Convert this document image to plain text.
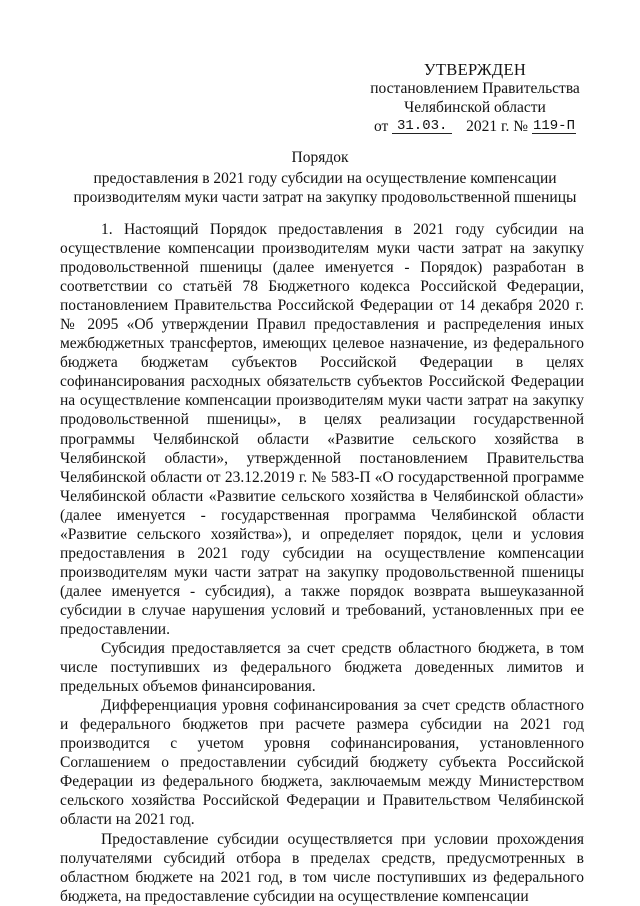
УТВЕРЖДЕН
постановлением Правительства
Челябинской области
от 31.03. 2021 г. № 119-П
Порядок
предоставления в 2021 году субсидии на осуществление компенсации производителям муки части затрат на закупку продовольственной пшеницы

1. Настоящий Порядок предоставления в 2021 году субсидии на осуществление компенсации производителям муки части затрат на закупку продовольственной пшеницы (далее именуется - Порядок) разработан в соответствии со статьёй 78 Бюджетного кодекса Российской Федерации, постановлением Правительства Российской Федерации от 14 декабря 2020 г. № 2095 «Об утверждении Правил предоставления и распределения иных межбюджетных трансфертов, имеющих целевое назначение, из федерального бюджета бюджетам субъектов Российской Федерации в целях софинансирования расходных обязательств субъектов Российской Федерации на осуществление компенсации производителям муки части затрат на закупку продовольственной пшеницы», в целях реализации государственной программы Челябинской области «Развитие сельского хозяйства в Челябинской области», утвержденной постановлением Правительства Челябинской области от 23.12.2019 г. № 583-П «О государственной программе Челябинской области «Развитие сельского хозяйства в Челябинской области» (далее именуется - государственная программа Челябинской области «Развитие сельского хозяйства»), и определяет порядок, цели и условия предоставления в 2021 году субсидии на осуществление компенсации производителям муки части затрат на закупку продовольственной пшеницы (далее именуется - субсидия), а также порядок возврата вышеуказанной субсидии в случае нарушения условий и требований, установленных при ее предоставлении.

Субсидия предоставляется за счет средств областного бюджета, в том числе поступивших из федерального бюджета доведенных лимитов и предельных объемов финансирования.

Дифференциация уровня софинансирования за счет средств областного и федерального бюджетов при расчете размера субсидии на 2021 год производится с учетом уровня софинансирования, установленного Соглашением о предоставлении субсидий бюджету субъекта Российской Федерации из федерального бюджета, заключаемым между Министерством сельского хозяйства Российской Федерации и Правительством Челябинской области на 2021 год.

Предоставление субсидии осуществляется при условии прохождения получателями субсидий отбора в пределах средств, предусмотренных в областном бюджете на 2021 год, в том числе поступивших из федерального бюджета, на предоставление субсидии на осуществление компенсации
